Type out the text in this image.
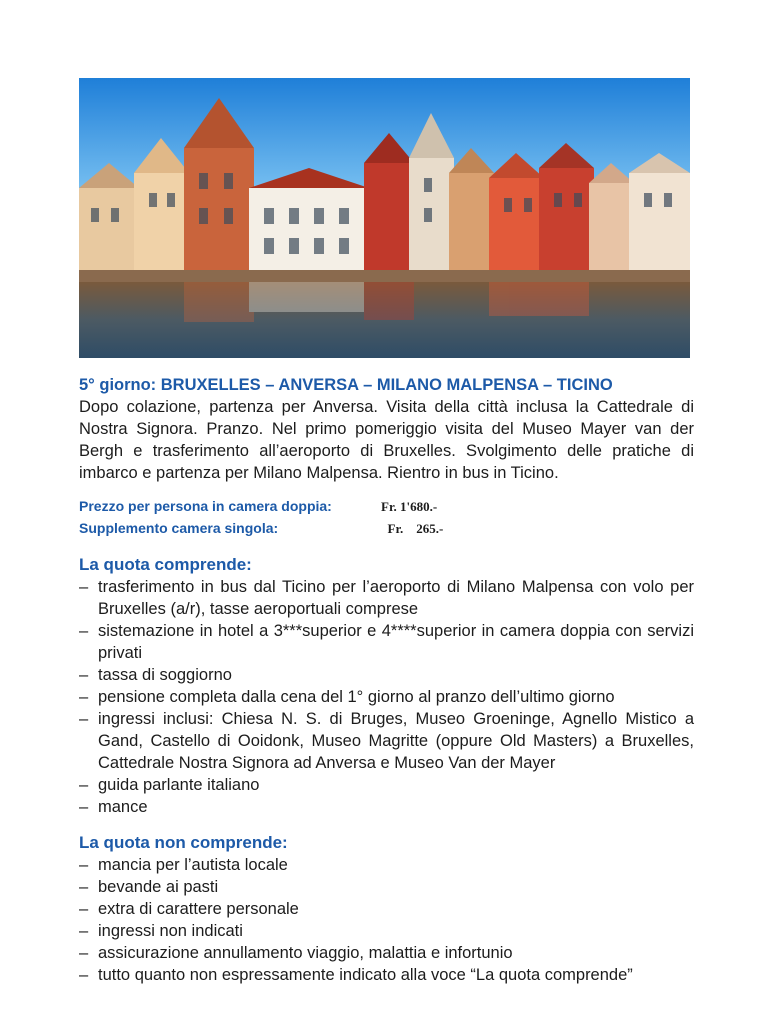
5° giorno: BRUXELLES – ANVERSA – MILANO MALPENSA – TICINO

Dopo colazione, partenza per Anversa. Visita della città inclusa la Cattedrale di Nostra Signora. Pranzo. Nel primo pomeriggio visita del Museo Mayer van der Bergh e trasferimento all’aeroporto di Bruxelles. Svolgimento delle pratiche di imbarco e partenza per Milano Malpensa. Rientro in bus in Ticino.

Prezzo per persona in camera doppia:	Fr. 1'680.-
Supplemento camera singola:	Fr.    265.-

La quota comprende:

– trasferimento in bus dal Ticino per l’aeroporto di Milano Malpensa con volo per Bruxelles (a/r), tasse aeroportuali comprese
– sistemazione in hotel a 3***superior e 4****superior in camera doppia con servizi privati
– tassa di soggiorno
– pensione completa dalla cena del 1° giorno al pranzo dell’ultimo giorno
– ingressi inclusi: Chiesa N. S. di Bruges, Museo Groeninge, Agnello Mistico a Gand, Castello di Ooidonk, Museo Magritte (oppure Old Masters) a Bruxelles, Cattedrale Nostra Signora ad Anversa e Museo Van der Mayer
– guida parlante italiano
– mance

La quota non comprende:

– mancia per l’autista locale
– bevande ai pasti
– extra di carattere personale
– ingressi non indicati
– assicurazione annullamento viaggio, malattia e infortunio
– tutto quanto non espressamente indicato alla voce “La quota comprende”
